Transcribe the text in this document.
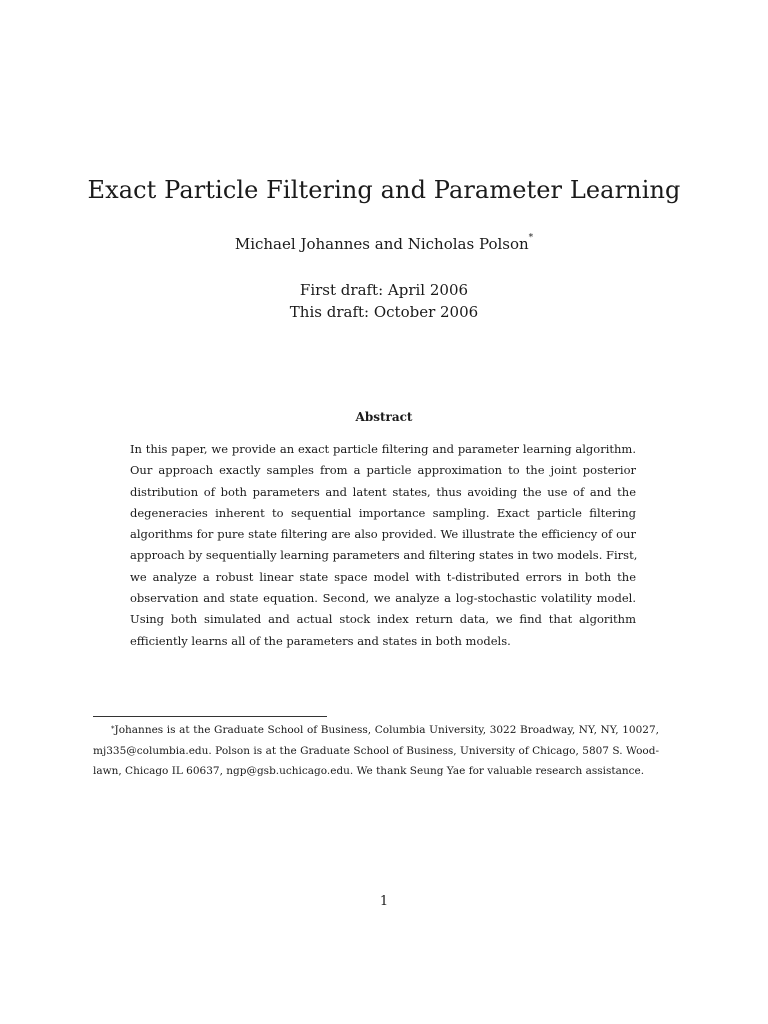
Exact Particle Filtering and Parameter Learning
Michael Johannes and Nicholas Polson*
First draft: April 2006
This draft: October 2006
Abstract
In this paper, we provide an exact particle filtering and parameter learning algorithm.
Our approach exactly samples from a particle approximation to the joint posterior
distribution of both parameters and latent states, thus avoiding the use of and the
degeneracies inherent to sequential importance sampling. Exact particle filtering
algorithms for pure state filtering are also provided. We illustrate the efficiency of our
approach by sequentially learning parameters and filtering states in two models. First,
we analyze a robust linear state space model with t-distributed errors in both the
observation and state equation. Second, we analyze a log-stochastic volatility model.
Using both simulated and actual stock index return data, we find that algorithm
efficiently learns all of the parameters and states in both models.
*Johannes is at the Graduate School of Business, Columbia University, 3022 Broadway, NY, NY, 10027,
mj335@columbia.edu. Polson is at the Graduate School of Business, University of Chicago, 5807 S. Wood-
lawn, Chicago IL 60637, ngp@gsb.uchicago.edu. We thank Seung Yae for valuable research assistance.
1
